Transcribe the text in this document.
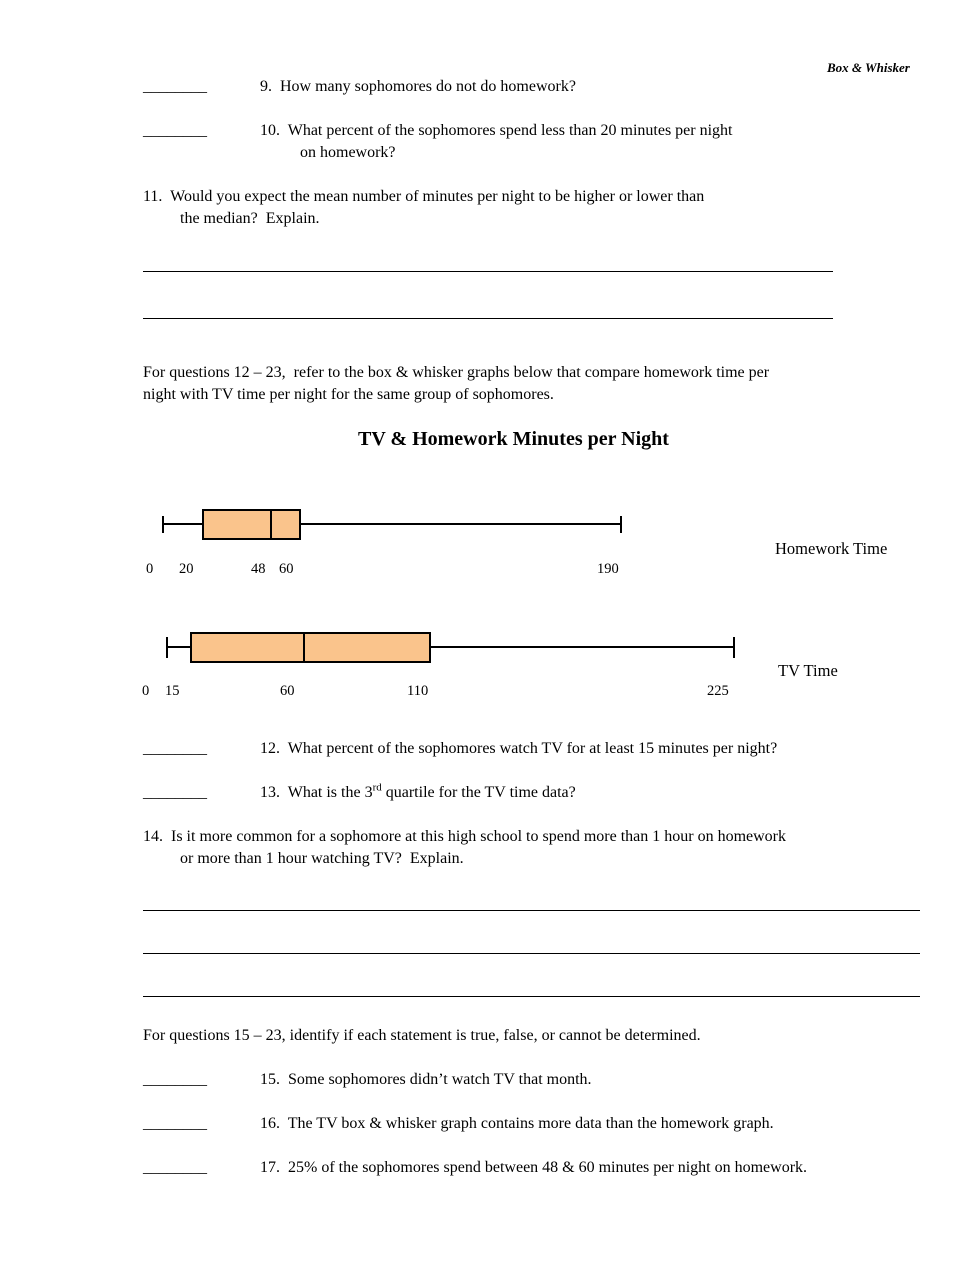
Box & Whisker
________	9.  How many sophomores do not do homework?
________	10.  What percent of the sophomores spend less than 20 minutes per night
on homework?
11.  Would you expect the mean number of minutes per night to be higher or lower than
the median?  Explain.
For questions 12 – 23,  refer to the box & whisker graphs below that compare homework time per
night with TV time per night for the same group of sophomores.
TV & Homework Minutes per Night
0 20	48 60	190
Homework Time
0 15	60	110	225
TV Time
________	12.  What percent of the sophomores watch TV for at least 15 minutes per night?
________	13.  What is the 3rd quartile for the TV time data?
14.  Is it more common for a sophomore at this high school to spend more than 1 hour on homework
or more than 1 hour watching TV?  Explain.
For questions 15 – 23, identify if each statement is true, false, or cannot be determined.
________	15.  Some sophomores didn’t watch TV that month.
________	16.  The TV box & whisker graph contains more data than the homework graph.
________	17.  25% of the sophomores spend between 48 & 60 minutes per night on homework.
